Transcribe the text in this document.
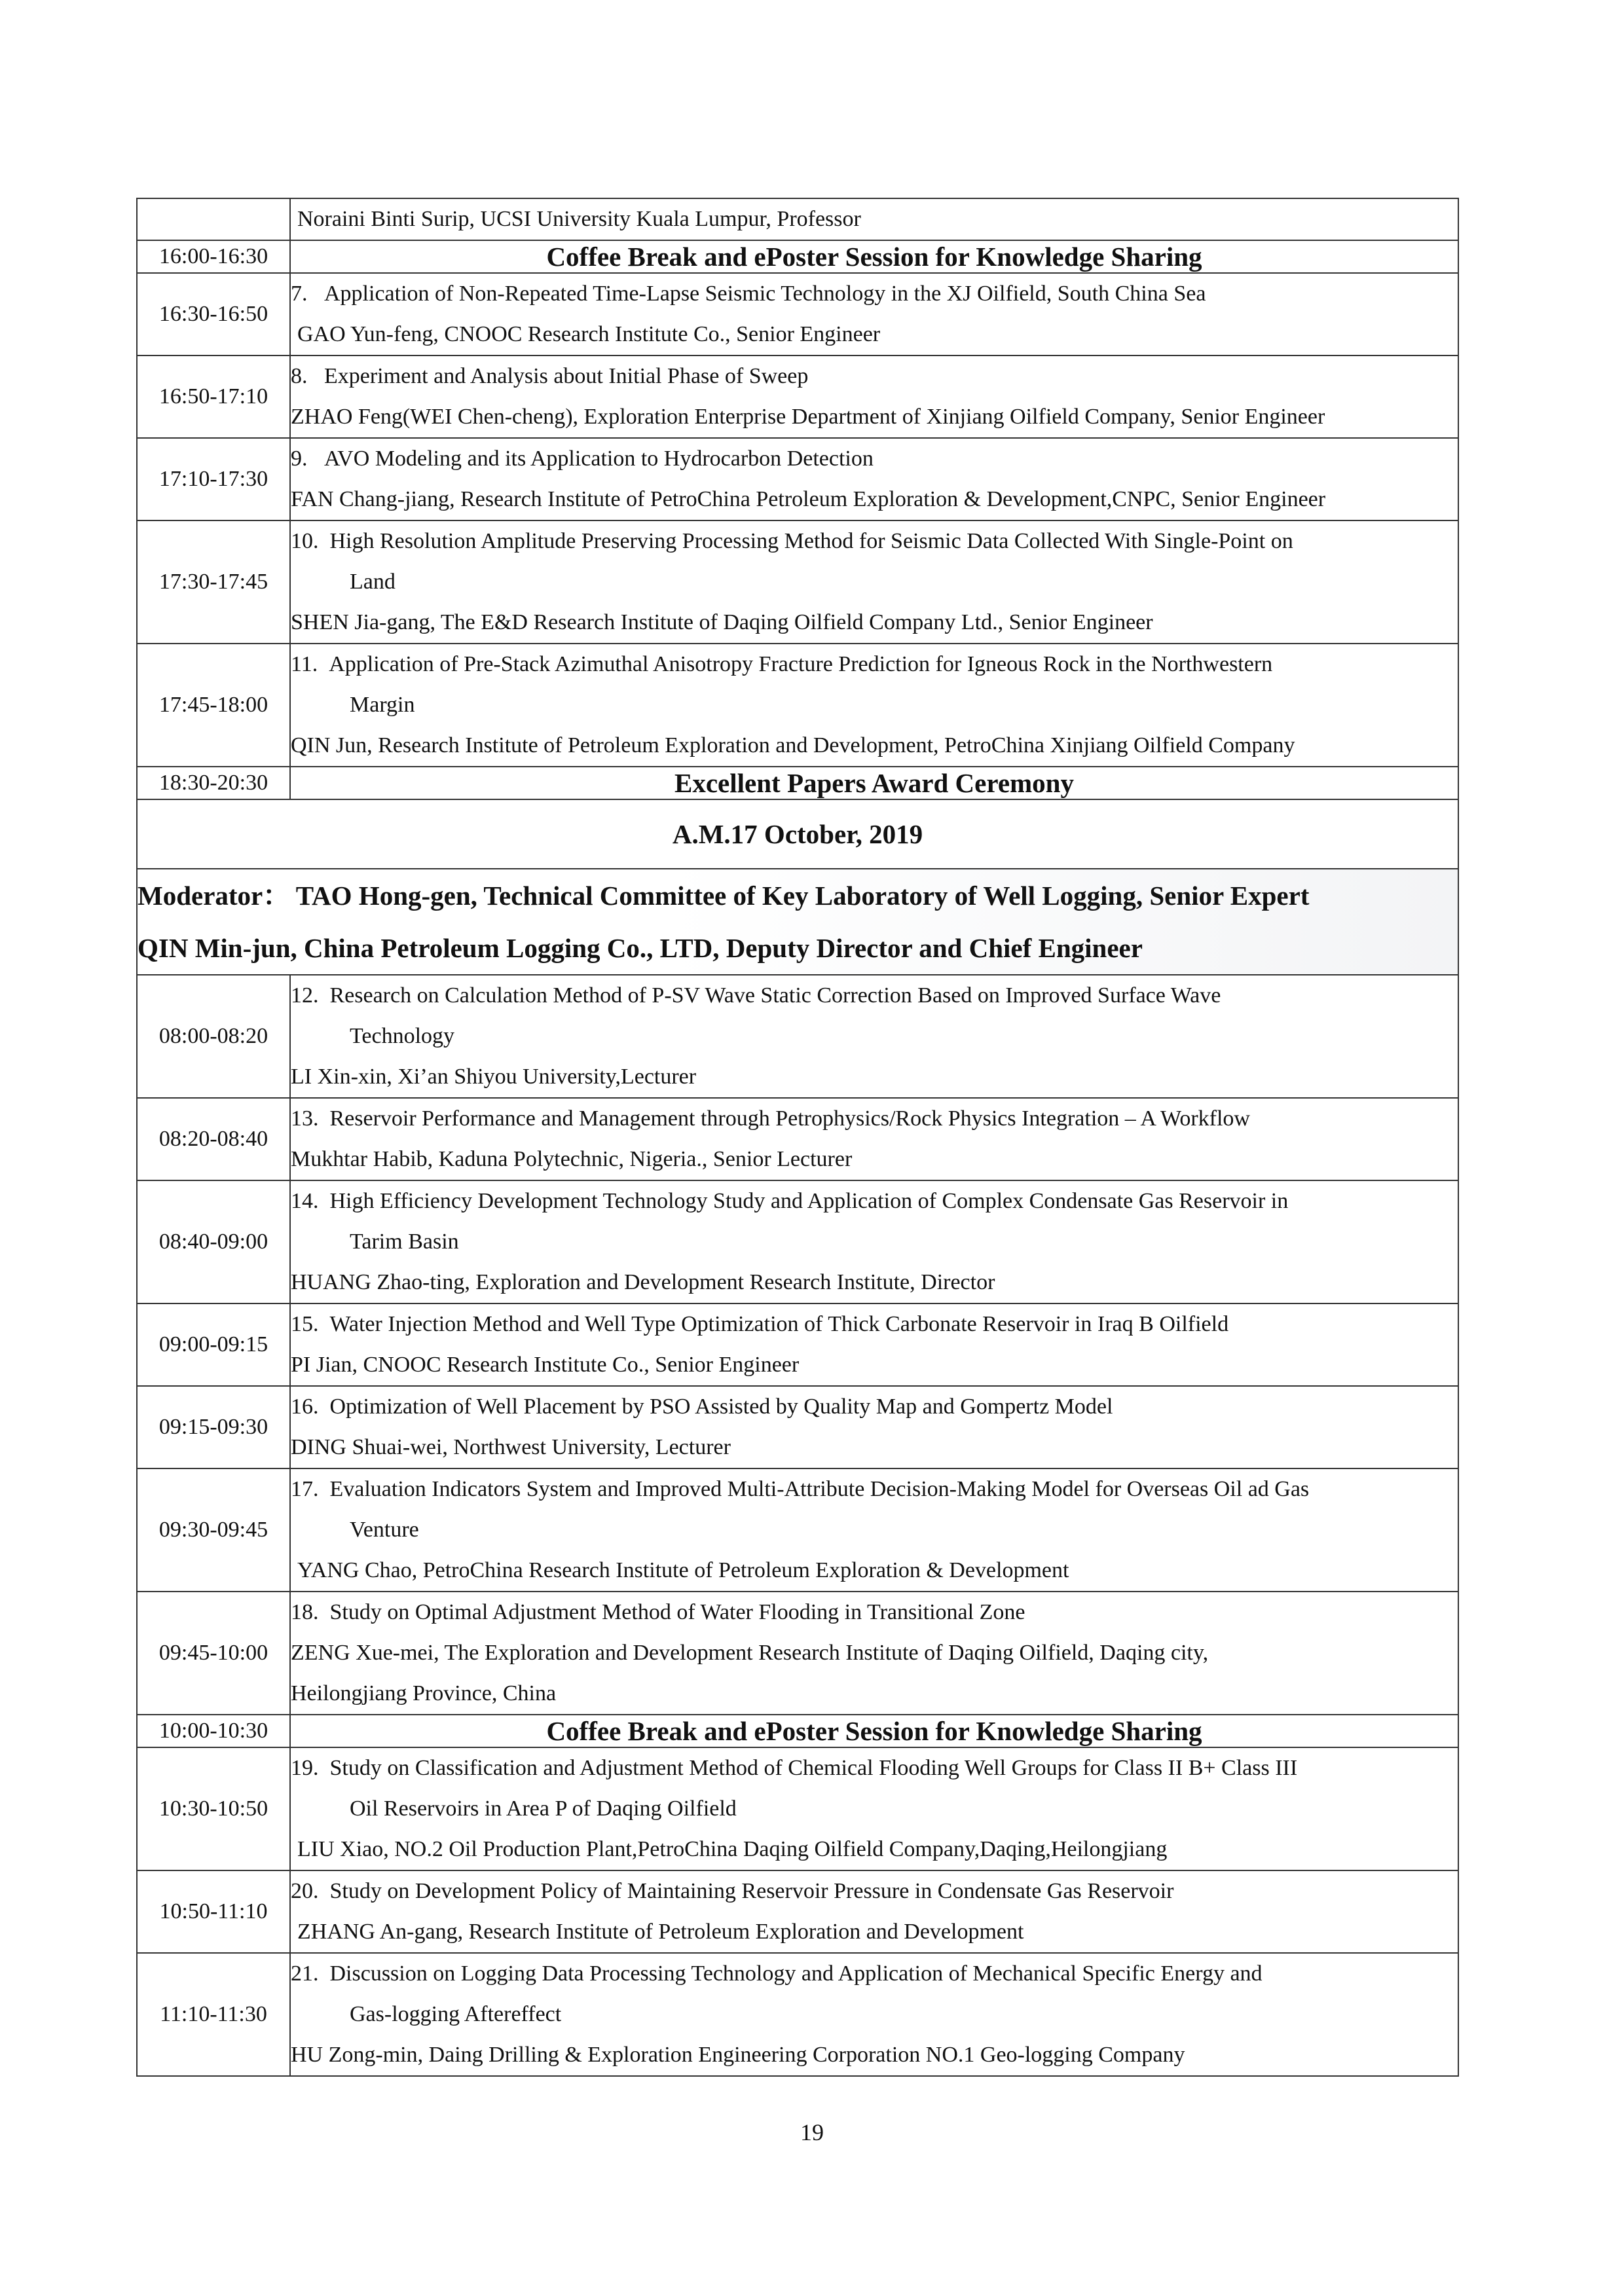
	Noraini Binti Surip, UCSI University Kuala Lumpur, Professor

16:00-16:30	Coffee Break and ePoster Session for Knowledge Sharing
16:30-16:50	7.   Application of Non-Repeated Time-Lapse Seismic Technology in the XJ Oilfield, South China Sea
GAO Yun-feng, CNOOC Research Institute Co., Senior Engineer

16:50-17:10	8.   Experiment and Analysis about Initial Phase of Sweep
ZHAO Feng(WEI Chen-cheng), Exploration Enterprise Department of Xinjiang Oilfield Company, Senior Engineer

17:10-17:30	9.   AVO Modeling and its Application to Hydrocarbon Detection
FAN Chang-jiang, Research Institute of PetroChina Petroleum Exploration & Development,CNPC, Senior Engineer

17:30-17:45	10.  High Resolution Amplitude Preserving Processing Method for Seismic Data Collected With Single-Point on
Land
SHEN Jia-gang, The E&D Research Institute of Daqing Oilfield Company Ltd., Senior Engineer

17:45-18:00	11.  Application of Pre-Stack Azimuthal Anisotropy Fracture Prediction for Igneous Rock in the Northwestern
Margin
QIN Jun, Research Institute of Petroleum Exploration and Development, PetroChina Xinjiang Oilfield Company

18:30-20:30	Excellent Papers Award Ceremony
A.M.17 October, 2019	

Moderator： TAO Hong-gen, Technical Committee of Key Laboratory of Well Logging, Senior Expert
QIN Min-jun, China Petroleum Logging Co., LTD, Deputy Director and Chief Engineer	

08:00-08:20	12.  Research on Calculation Method of P-SV Wave Static Correction Based on Improved Surface Wave
Technology
LI Xin-xin, Xi’an Shiyou University,Lecturer

08:20-08:40	13.  Reservoir Performance and Management through Petrophysics/Rock Physics Integration – A Workflow
Mukhtar Habib, Kaduna Polytechnic, Nigeria., Senior Lecturer

08:40-09:00	14.  High Efficiency Development Technology Study and Application of Complex Condensate Gas Reservoir in
Tarim Basin
HUANG Zhao-ting, Exploration and Development Research Institute, Director

09:00-09:15	15.  Water Injection Method and Well Type Optimization of Thick Carbonate Reservoir in Iraq B Oilfield
PI Jian, CNOOC Research Institute Co., Senior Engineer

09:15-09:30	16.  Optimization of Well Placement by PSO Assisted by Quality Map and Gompertz Model
DING Shuai-wei, Northwest University, Lecturer

09:30-09:45	17.  Evaluation Indicators System and Improved Multi-Attribute Decision-Making Model for Overseas Oil ad Gas
Venture
YANG Chao, PetroChina Research Institute of Petroleum Exploration & Development

09:45-10:00	18.  Study on Optimal Adjustment Method of Water Flooding in Transitional Zone
ZENG Xue-mei, The Exploration and Development Research Institute of Daqing Oilfield, Daqing city,
Heilongjiang Province, China

10:00-10:30	Coffee Break and ePoster Session for Knowledge Sharing
10:30-10:50	19.  Study on Classification and Adjustment Method of Chemical Flooding Well Groups for Class II B+ Class III
Oil Reservoirs in Area P of Daqing Oilfield
LIU Xiao, NO.2 Oil Production Plant,PetroChina Daqing Oilfield Company,Daqing,Heilongjiang

10:50-11:10	20.  Study on Development Policy of Maintaining Reservoir Pressure in Condensate Gas Reservoir
ZHANG An-gang, Research Institute of Petroleum Exploration and Development

11:10-11:30	21.  Discussion on Logging Data Processing Technology and Application of Mechanical Specific Energy and
Gas-logging Aftereffect
HU Zong-min, Daing Drilling & Exploration Engineering Corporation NO.1 Geo-logging Company
19
